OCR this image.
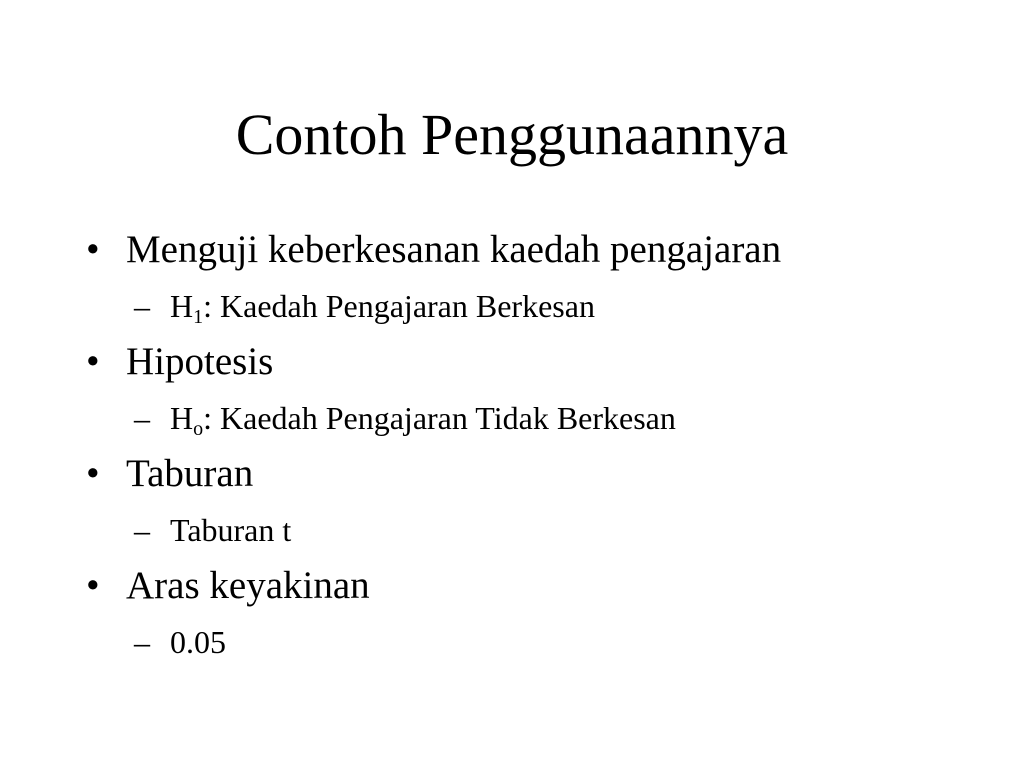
Contoh Penggunaannya
• Menguji keberkesanan kaedah pengajaran
– $H_1$: Kaedah Pengajaran Berkesan
• Hipotesis
– $H_o$: Kaedah Pengajaran Tidak Berkesan
• Taburan
– Taburan t
• Aras keyakinan
– 0.05
